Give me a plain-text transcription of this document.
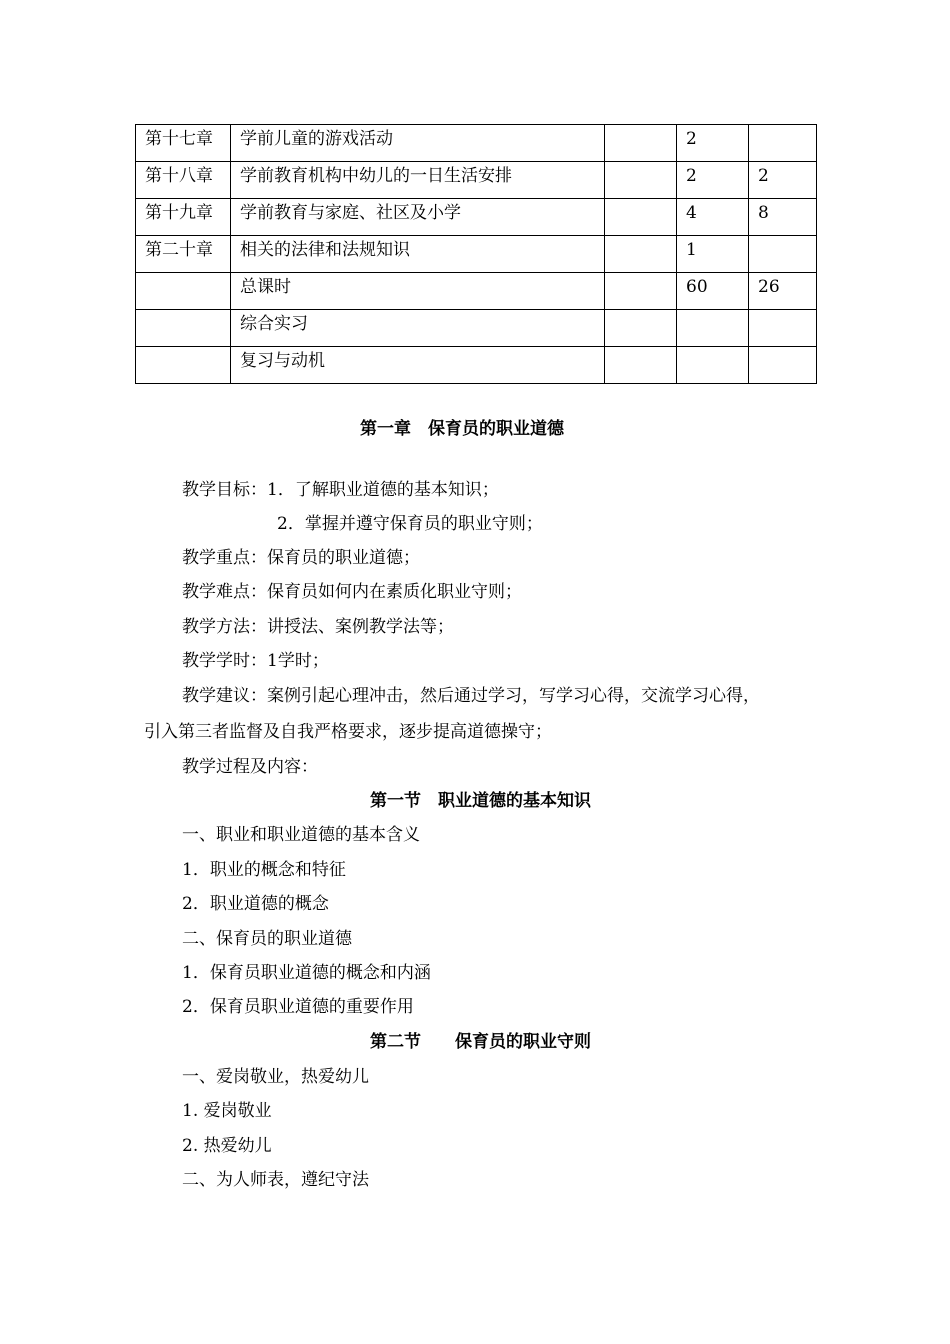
第十七章	学前儿童的游戏活动		2	
第十八章	学前教育机构中幼儿的一日生活安排		2	2
第十九章	学前教育与家庭、社区及小学		4	8
第二十章	相关的法律和法规知识		1	
	总课时		60	26
	综合实习			
	复习与动机			
第一章　保育员的职业道德
教学目标：1．了解职业道德的基本知识；
2．掌握并遵守保育员的职业守则；
教学重点：保育员的职业道德；
教学难点：保育员如何内在素质化职业守则；
教学方法：讲授法、案例教学法等；
教学学时：1学时；
教学建议：案例引起心理冲击，然后通过学习，写学习心得，交流学习心得，
引入第三者监督及自我严格要求，逐步提高道德操守；
教学过程及内容：
第一节　职业道德的基本知识
一、职业和职业道德的基本含义
1．职业的概念和特征
2．职业道德的概念
二、保育员的职业道德
1．保育员职业道德的概念和内涵
2．保育员职业道德的重要作用
第二节　　保育员的职业守则
一、爱岗敬业，热爱幼儿
1. 爱岗敬业
2. 热爱幼儿
二、为人师表，遵纪守法
